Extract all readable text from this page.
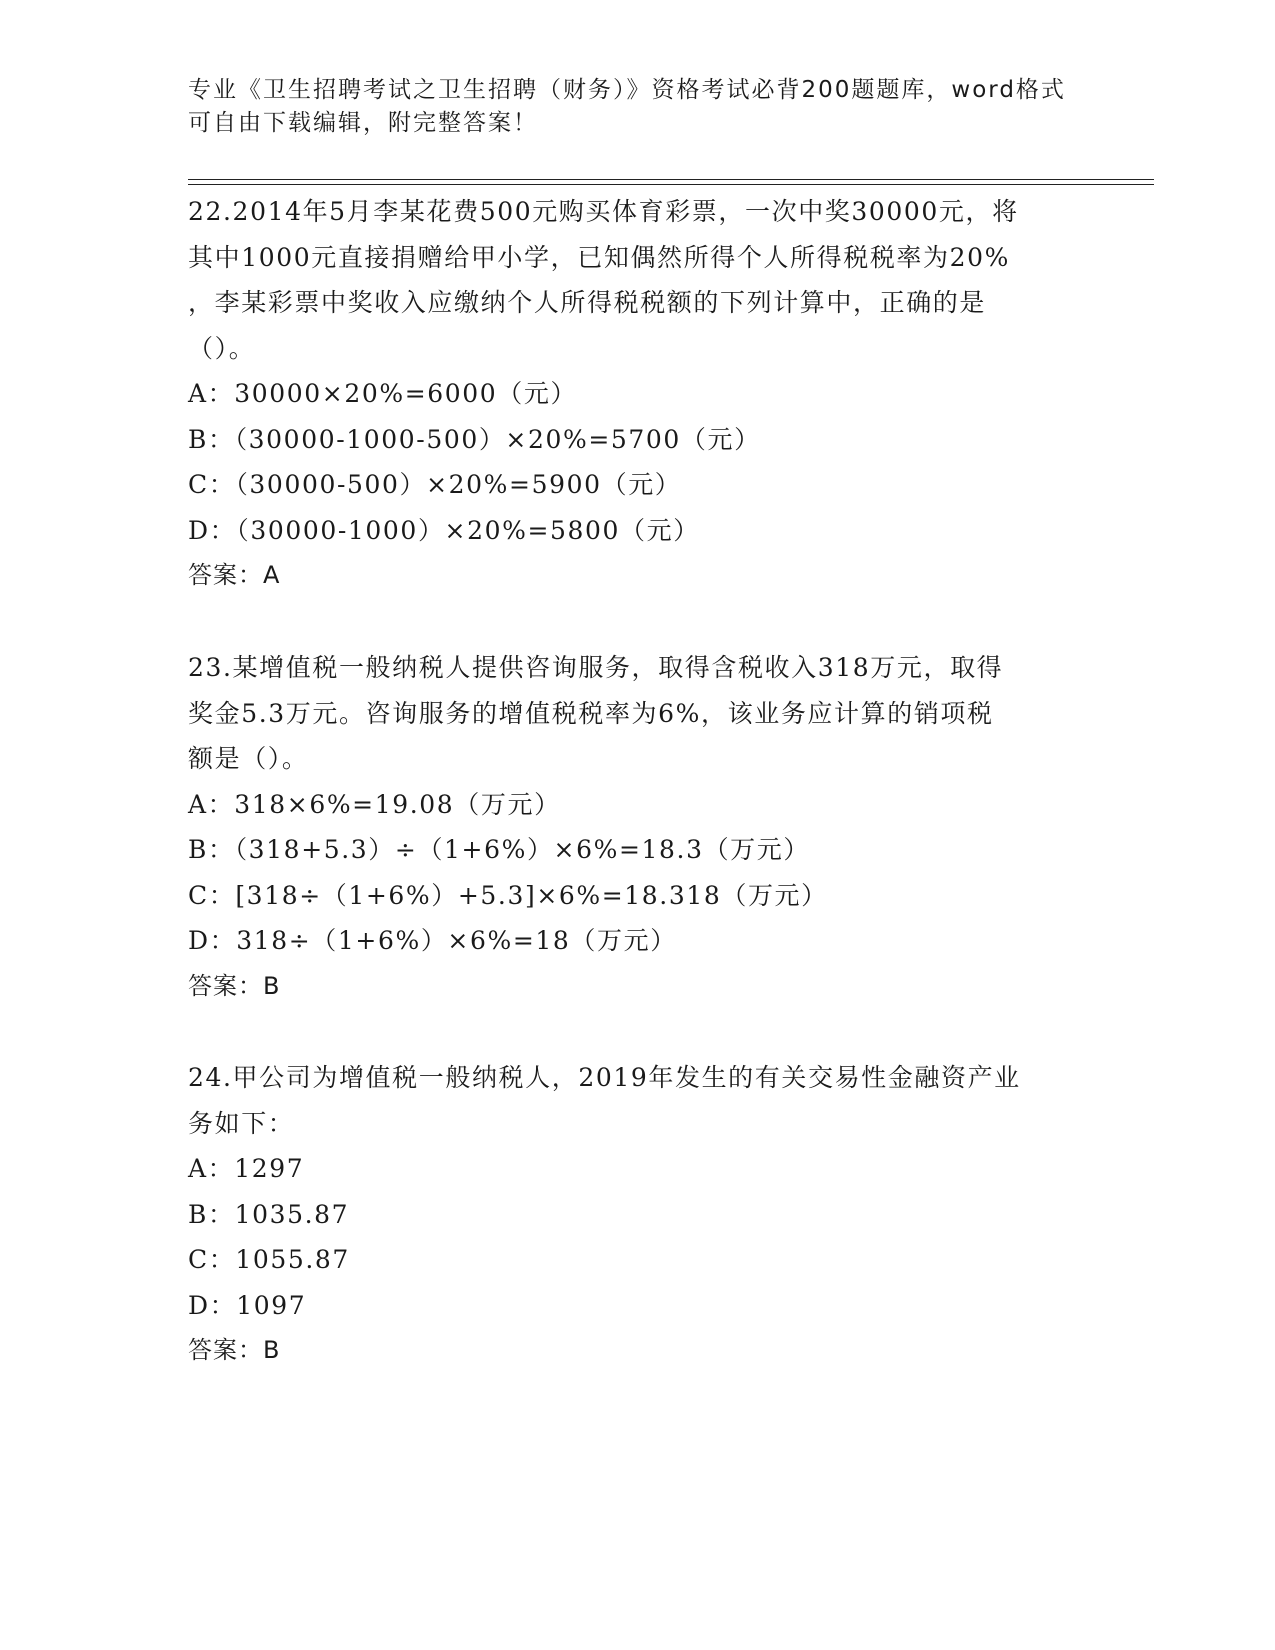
专业《卫生招聘考试之卫生招聘（财务）》资格考试必背200题题库，word格式
可自由下载编辑，附完整答案！
22.2014年5月李某花费500元购买体育彩票，一次中奖30000元，将
其中1000元直接捐赠给甲小学，已知偶然所得个人所得税税率为20%
，李某彩票中奖收入应缴纳个人所得税税额的下列计算中，正确的是
（）。
A：30000×20%=6000（元）
B：（30000-1000-500）×20%=5700（元）
C：（30000-500）×20%=5900（元）
D：（30000-1000）×20%=5800（元）
答案：A
23.某增值税一般纳税人提供咨询服务，取得含税收入318万元，取得
奖金5.3万元。咨询服务的增值税税率为6%，该业务应计算的销项税
额是（）。
A：318×6%=19.08（万元）
B：（318+5.3）÷（1+6%）×6%=18.3（万元）
C：[318÷（1+6%）+5.3]×6%=18.318（万元）
D：318÷（1+6%）×6%=18（万元）
答案：B
24.甲公司为增值税一般纳税人，2019年发生的有关交易性金融资产业
务如下：
A：1297
B：1035.87
C：1055.87
D：1097
答案：B
